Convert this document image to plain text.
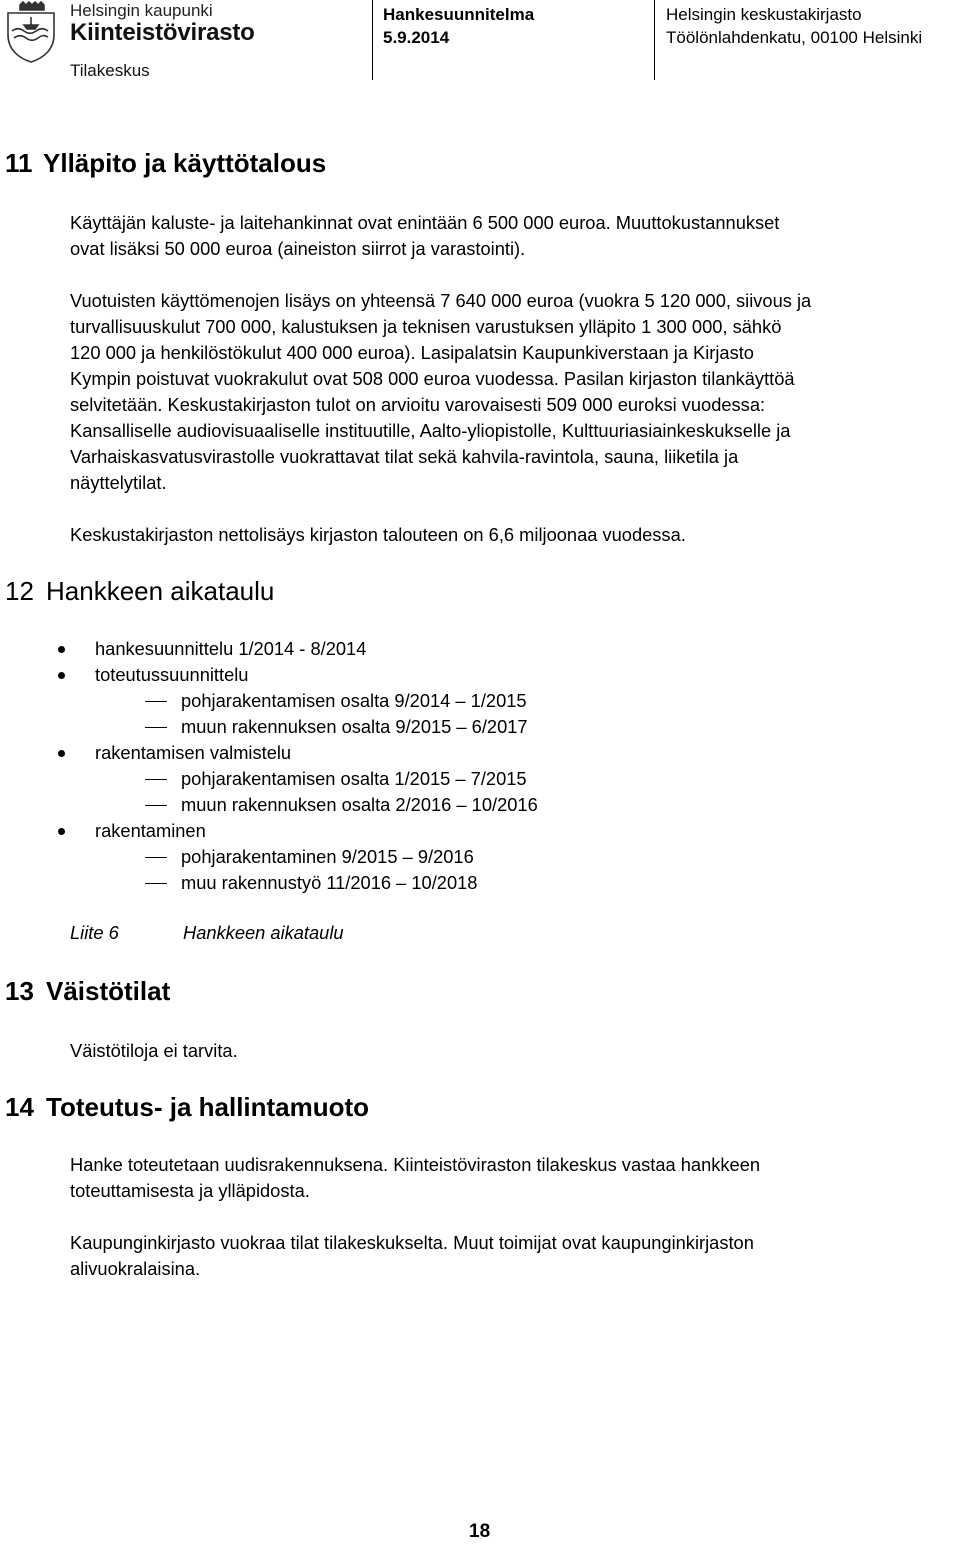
Helsingin kaupunki
Kiinteistövirasto
Tilakeskus
Hankesuunnitelma
5.9.2014
Helsingin keskustakirjasto
Töölönlahdenkatu, 00100 Helsinki
11 Ylläpito ja käyttötalous

Käyttäjän kaluste- ja laitehankinnat ovat enintään 6 500 000 euroa. Muuttokustannukset
ovat lisäksi 50 000 euroa (aineiston siirrot ja varastointi).

Vuotuisten käyttömenojen lisäys on yhteensä 7 640 000 euroa (vuokra 5 120 000, siivous ja
turvallisuuskulut 700 000, kalustuksen ja teknisen varustuksen ylläpito 1 300 000, sähkö
120 000 ja henkilöstökulut 400 000 euroa). Lasipalatsin Kaupunkiverstaan ja Kirjasto
Kympin poistuvat vuokrakulut ovat 508 000 euroa vuodessa. Pasilan kirjaston tilankäyttöä
selvitetään. Keskustakirjaston tulot on arvioitu varovaisesti 509 000 euroksi vuodessa:
Kansalliselle audiovisuaaliselle instituutille, Aalto-yliopistolle, Kulttuuriasiainkeskukselle ja
Varhaiskasvatusvirastolle vuokrattavat tilat sekä kahvila-ravintola, sauna, liiketila ja
näyttelytilat.

Keskustakirjaston nettolisäys kirjaston talouteen on 6,6 miljoonaa vuodessa.

12 Hankkeen aikataulu
hankesuunnittelu 1/2014 - 8/2014
toteutussuunnittelu
pohjarakentamisen osalta 9/2014 – 1/2015
muun rakennuksen osalta 9/2015 – 6/2017
rakentamisen valmistelu
pohjarakentamisen osalta 1/2015 – 7/2015
muun rakennuksen osalta 2/2016 – 10/2016
rakentaminen
pohjarakentaminen 9/2015 – 9/2016
muu rakennustyö 11/2016 – 10/2018
Liite 6	Hankkeen aikataulu
13 Väistötilat

Väistötiloja ei tarvita.

14 Toteutus- ja hallintamuoto

Hanke toteutetaan uudisrakennuksena. Kiinteistöviraston tilakeskus vastaa hankkeen
toteuttamisesta ja ylläpidosta.

Kaupunginkirjasto vuokraa tilat tilakeskukselta. Muut toimijat ovat kaupunginkirjaston
alivuokralaisina.

18
